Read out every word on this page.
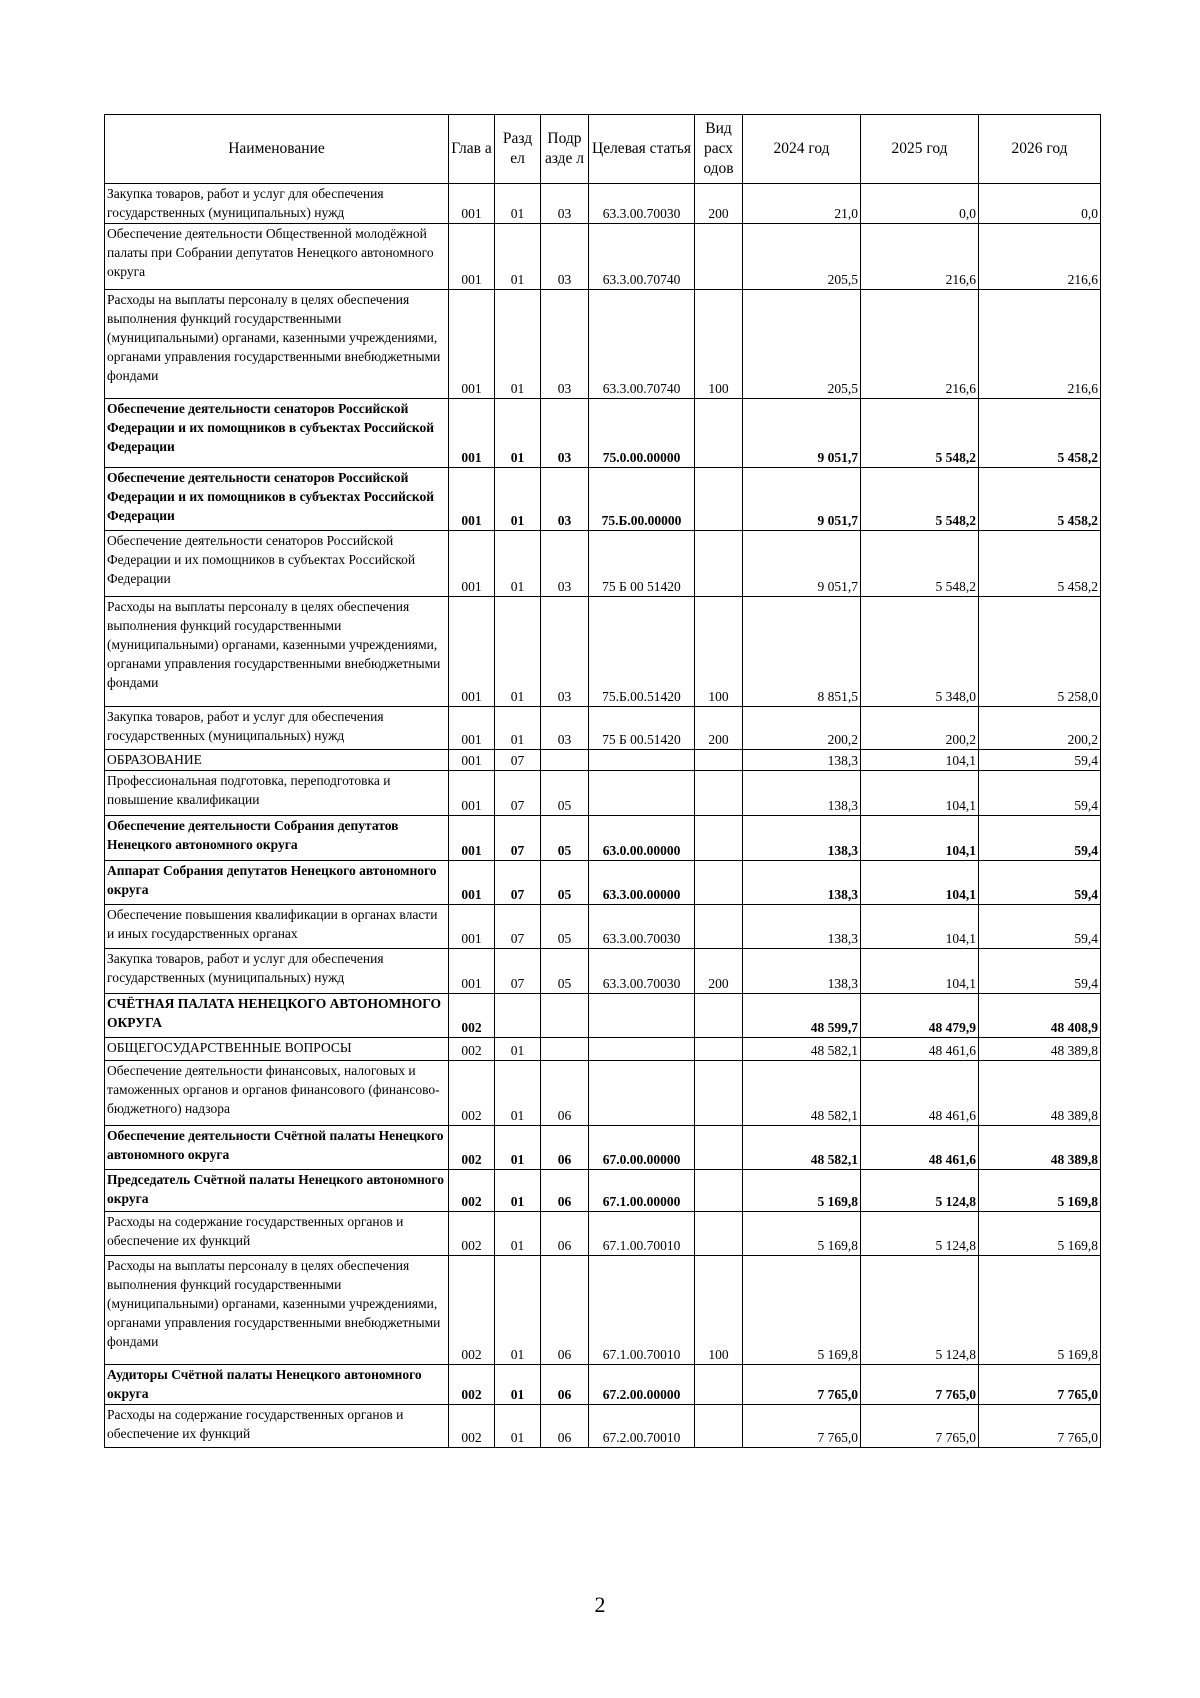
Наименование	Глав а	Разд ел	Подр азде л	Целевая статья	Вид расх одов	2024 год	2025 год	2026 год
Закупка товаров, работ и услуг для обеспечения государственных (муниципальных) нужд	001	01	03	63.3.00.70030	200	21,0	0,0	0,0
Обеспечение деятельности Общественной молодёжной палаты при Собрании депутатов Ненецкого автономного округа	001	01	03	63.3.00.70740		205,5	216,6	216,6
Расходы на выплаты персоналу в целях обеспечения выполнения функций государственными (муниципальными) органами, казенными учреждениями, органами управления государственными внебюджетными фондами	001	01	03	63.3.00.70740	100	205,5	216,6	216,6
Обеспечение деятельности сенаторов Российской Федерации и их помощников в субъектах Российской Федерации	001	01	03	75.0.00.00000		9 051,7	5 548,2	5 458,2
Обеспечение деятельности сенаторов Российской Федерации и их помощников в субъектах Российской Федерации	001	01	03	75.Б.00.00000		9 051,7	5 548,2	5 458,2
Обеспечение деятельности сенаторов Российской Федерации и их помощников в субъектах Российской Федерации	001	01	03	75 Б 00 51420		9 051,7	5 548,2	5 458,2
Расходы на выплаты персоналу в целях обеспечения выполнения функций государственными (муниципальными) органами, казенными учреждениями, органами управления государственными внебюджетными фондами	001	01	03	75.Б.00.51420	100	8 851,5	5 348,0	5 258,0
Закупка товаров, работ и услуг для обеспечения государственных (муниципальных) нужд	001	01	03	75 Б 00.51420	200	200,2	200,2	200,2
ОБРАЗОВАНИЕ	001	07				138,3	104,1	59,4
Профессиональная подготовка, переподготовка и повышение квалификации	001	07	05			138,3	104,1	59,4
Обеспечение деятельности Собрания депутатов Ненецкого автономного округа	001	07	05	63.0.00.00000		138,3	104,1	59,4
Аппарат Собрания депутатов Ненецкого автономного округа	001	07	05	63.3.00.00000		138,3	104,1	59,4
Обеспечение повышения квалификации в органах власти и иных государственных органах	001	07	05	63.3.00.70030		138,3	104,1	59,4
Закупка товаров, работ и услуг для обеспечения государственных (муниципальных) нужд	001	07	05	63.3.00.70030	200	138,3	104,1	59,4
СЧЁТНАЯ ПАЛАТА НЕНЕЦКОГО АВТОНОМНОГО ОКРУГА	002					48 599,7	48 479,9	48 408,9
ОБЩЕГОСУДАРСТВЕННЫЕ ВОПРОСЫ	002	01				48 582,1	48 461,6	48 389,8
Обеспечение деятельности финансовых, налоговых и таможенных органов и органов финансового (финансово-бюджетного) надзора	002	01	06			48 582,1	48 461,6	48 389,8
Обеспечение деятельности Счётной палаты Ненецкого автономного округа	002	01	06	67.0.00.00000		48 582,1	48 461,6	48 389,8
Председатель Счётной палаты Ненецкого автономного округа	002	01	06	67.1.00.00000		5 169,8	5 124,8	5 169,8
Расходы на содержание государственных органов и обеспечение их функций	002	01	06	67.1.00.70010		5 169,8	5 124,8	5 169,8
Расходы на выплаты персоналу в целях обеспечения выполнения функций государственными (муниципальными) органами, казенными учреждениями, органами управления государственными внебюджетными фондами	002	01	06	67.1.00.70010	100	5 169,8	5 124,8	5 169,8
Аудиторы Счётной палаты Ненецкого автономного округа	002	01	06	67.2.00.00000		7 765,0	7 765,0	7 765,0
Расходы на содержание государственных органов и обеспечение их функций	002	01	06	67.2.00.70010		7 765,0	7 765,0	7 765,0
2
